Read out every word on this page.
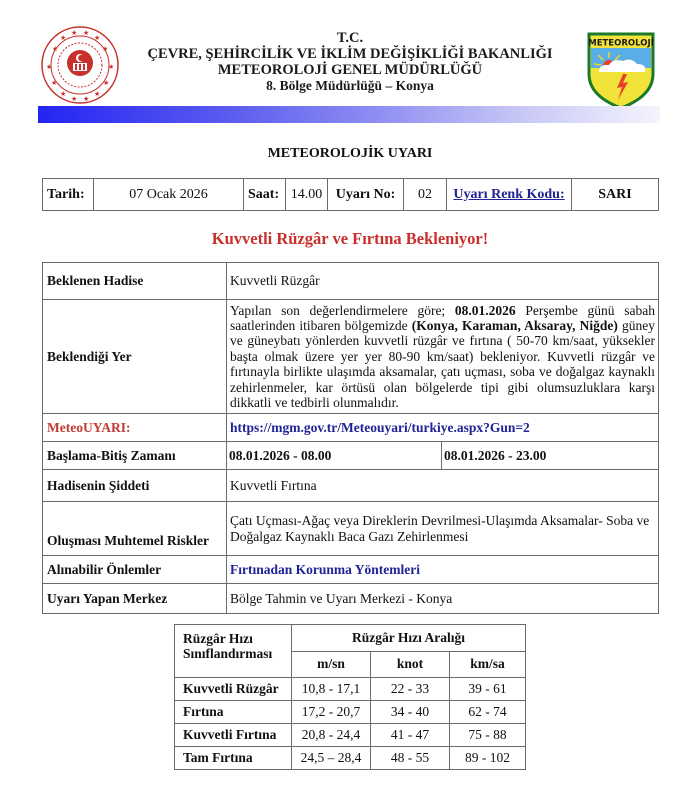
★
★
★ ★
★
★
★	★
★	★
★	★
★ ★
T.C.
ÇEVRE, ŞEHİRCİLİK VE İKLİM DEĞİŞİKLİĞİ BAKANLIĞI
METEOROLOJİ GENEL MÜDÜRLÜĞÜ
8. Bölge Müdürlüğü – Konya
METEOROLOJİ
METEOROLOJİK UYARI
Tarih:	07 Ocak 2026	Saat:	14.00	Uyarı No:	02	Uyarı Renk Kodu:	SARI
Kuvvetli Rüzgâr ve Fırtına Bekleniyor!
Beklenen Hadise	Kuvvetli Rüzgâr
Beklendiği Yer	Yapılan son değerlendirmelere göre; 08.01.2026 Perşembe günü sabah saatlerinden itibaren bölgemizde (Konya, Karaman, Aksaray, Niğde) güney ve güneybatı yönlerden kuvvetli rüzgâr ve fırtına ( 50-70 km/saat, yüksekler başta olmak üzere yer yer 80-90 km/saat) bekleniyor. Kuvvetli rüzgâr ve fırtınayla birlikte ulaşımda aksamalar, çatı uçması, soba ve doğalgaz kaynaklı zehirlenmeler, kar örtüsü olan bölgelerde tipi gibi olumsuzluklara karşı dikkatli ve tedbirli olunmalıdır.
MeteoUYARI:	https://mgm.gov.tr/Meteouyari/turkiye.aspx?Gun=2
Başlama-Bitiş Zamanı		08.01.2026 - 08.00	08.01.2026 - 23.00

Hadisenin Şiddeti	Kuvvetli Fırtına
Oluşması Muhtemel Riskler	Çatı Uçması-Ağaç veya Direklerin Devrilmesi-Ulaşımda Aksamalar- Soba ve Doğalgaz Kaynaklı Baca Gazı Zehirlenmesi
Alınabilir Önlemler	Fırtınadan Korunma Yöntemleri
Uyarı Yapan Merkez	Bölge Tahmin ve Uyarı Merkezi - Konya
Rüzgâr Hızı Sınıflandırması	Rüzgâr Hızı Aralığı		
	m/sn	knot	km/sa
Kuvvetli Rüzgâr	10,8 - 17,1	22 - 33	39 - 61
Fırtına	17,2 - 20,7	34 - 40	62 - 74
Kuvvetli Fırtına	20,8 - 24,4	41 - 47	75 - 88
Tam Fırtına	24,5 – 28,4	48 - 55	89 - 102
